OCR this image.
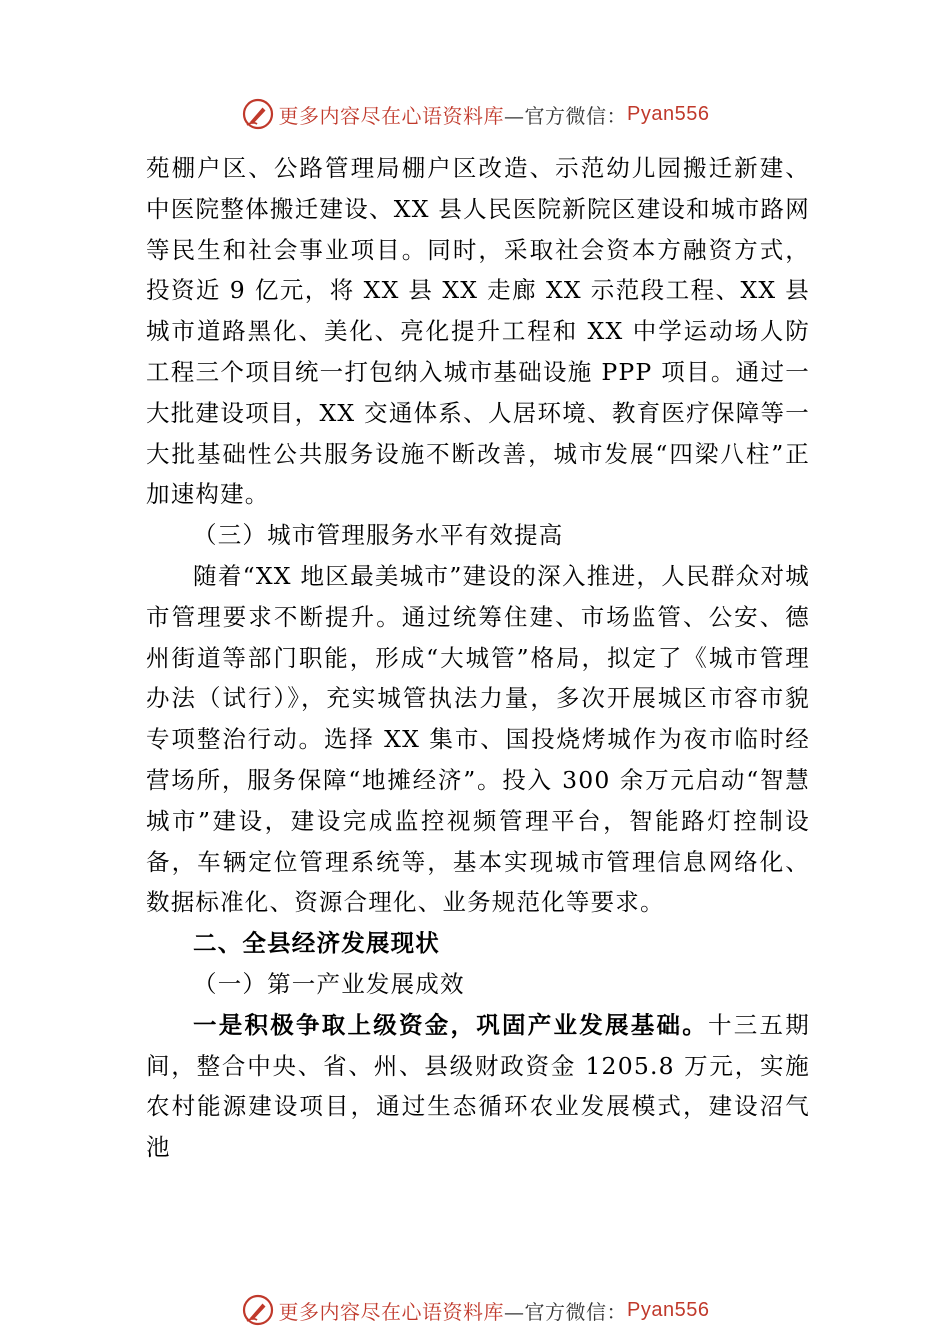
更多内容尽在心语资料库 —官方微信： Pyan556

苑棚户区、公路管理局棚户区改造、示范幼儿园搬迁新建、 中医院整体搬迁建设、XX 县人民医院新院区建设和城市路网等民生和社会事业项目。同时，采取社会资本方融资方式， 投资近 9 亿元，将 XX 县 XX 走廊 XX 示范段工程、XX 县城市道路黑化、美化、亮化提升工程和 XX 中学运动场人防工程三个项目统一打包纳入城市基础设施 PPP 项目。通过一大批建设项目，XX 交通体系、人居环境、教育医疗保障等一大批基础性公共服务设施不断改善，城市发展“四梁八柱”正加速构建。

（三）城市管理服务水平有效提高

随着“XX 地区最美城市”建设的深入推进，人民群众对城市管理要求不断提升。通过统筹住建、市场监管、公安、德州街道等部门职能，形成“大城管”格局，拟定了《城市管理办法（试行）》，充实城管执法力量，多次开展城区市容市貌专项整治行动。选择 XX 集市、国投烧烤城作为夜市临时经营场所，服务保障“地摊经济”。投入 300 余万元启动“智慧城市”建设，建设完成监控视频管理平台，智能路灯控制设备，车辆定位管理系统等，基本实现城市管理信息网络化、数据标准化、资源合理化、业务规范化等要求。

二、全县经济发展现状

（一）第一产业发展成效

一是积极争取上级资金，巩固产业发展基础。十三五期间，整合中央、省、州、县级财政资金 1205.8 万元，实施农村能源建设项目，通过生态循环农业发展模式，建设沼气池

更多内容尽在心语资料库 —官方微信： Pyan556
